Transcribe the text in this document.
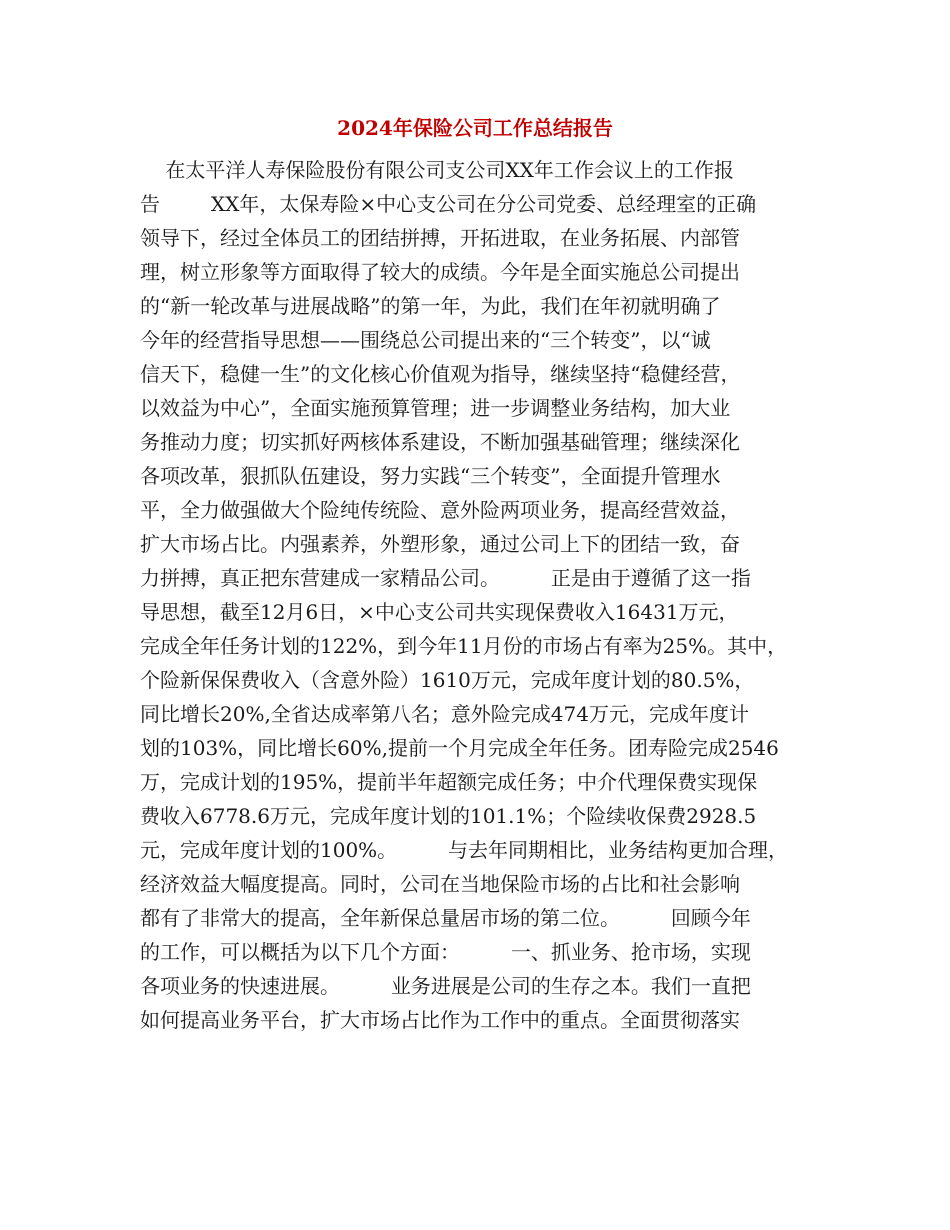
2024年保险公司工作总结报告

在太平洋人寿保险股份有限公司支公司XX年工作会议上的工作报

告        XX年，太保寿险×中心支公司在分公司党委、总经理室的正确

领导下，经过全体员工的团结拼搏，开拓进取，在业务拓展、内部管

理，树立形象等方面取得了较大的成绩。今年是全面实施总公司提出

的“新一轮改革与进展战略”的第一年，为此，我们在年初就明确了

今年的经营指导思想——围绕总公司提出来的“三个转变”，以“诚

信天下，稳健一生”的文化核心价值观为指导，继续坚持“稳健经营，

以效益为中心”，全面实施预算管理；进一步调整业务结构，加大业

务推动力度；切实抓好两核体系建设，不断加强基础管理；继续深化

各项改革，狠抓队伍建设，努力实践“三个转变”，全面提升管理水

平，全力做强做大个险纯传统险、意外险两项业务，提高经营效益，

扩大市场占比。内强素养，外塑形象，通过公司上下的团结一致，奋

力拼搏，真正把东营建成一家精品公司。        正是由于遵循了这一指

导思想，截至12月6日，×中心支公司共实现保费收入16431万元，

完成全年任务计划的122%，到今年11月份的市场占有率为25%。其中，

个险新保保费收入（含意外险）1610万元，完成年度计划的80.5%，

同比增长20%,全省达成率第八名；意外险完成474万元，完成年度计

划的103%，同比增长60%,提前一个月完成全年任务。团寿险完成2546

万，完成计划的195%，提前半年超额完成任务；中介代理保费实现保

费收入6778.6万元，完成年度计划的101.1%；个险续收保费2928.5

元，完成年度计划的100%。        与去年同期相比，业务结构更加合理，

经济效益大幅度提高。同时，公司在当地保险市场的占比和社会影响

都有了非常大的提高，全年新保总量居市场的第二位。        回顾今年

的工作，可以概括为以下几个方面：        一、抓业务、抢市场，实现

各项业务的快速进展。        业务进展是公司的生存之本。我们一直把

如何提高业务平台，扩大市场占比作为工作中的重点。全面贯彻落实
